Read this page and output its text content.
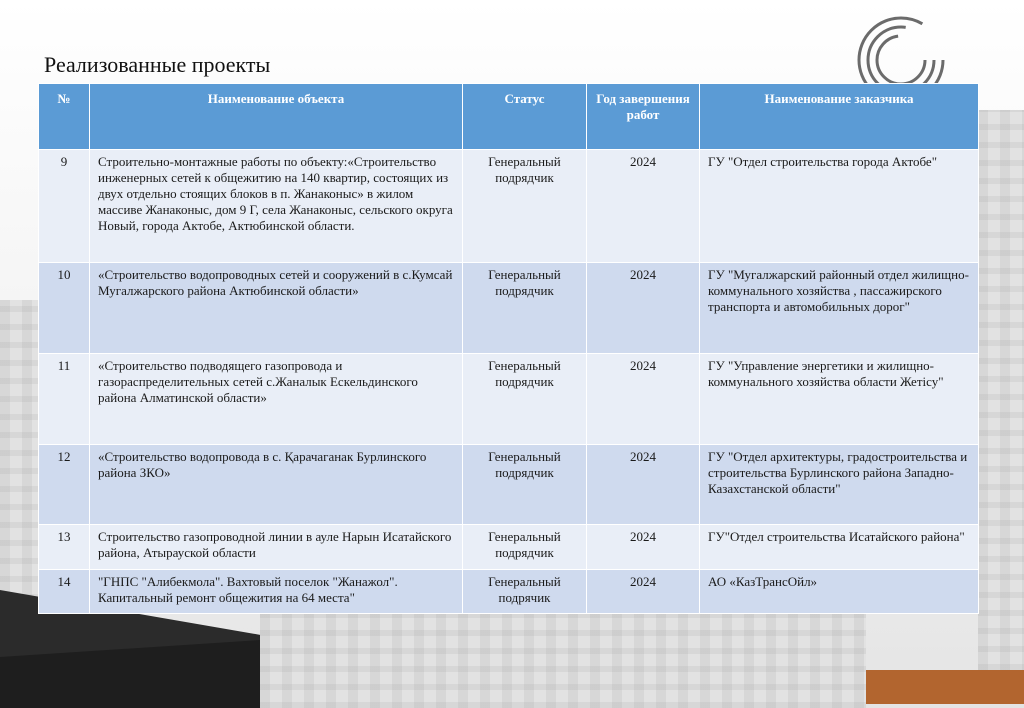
Реализованные проекты
№	Наименование объекта	Статус	Год завершения работ	Наименование заказчика
9	Строительно-монтажные работы по объекту:«Строительство инженерных сетей к общежитию на 140 квартир, состоящих из двух отдельно стоящих блоков в п. Жанаконыс» в жилом массиве Жанаконыс, дом 9 Г, села Жанаконыс, сельского округа Новый, города Актобе, Актюбинской области.	Генеральный подрядчик	2024	ГУ "Отдел строительства города Актобе"
10	«Строительство водопроводных сетей и сооружений в с.Кумсай Мугалжарского района Актюбинской области»	Генеральный подрядчик	2024	ГУ "Мугалжарский районный отдел жилищно-коммунального хозяйства , пассажирского транспорта и автомобильных дорог"
11	«Строительство подводящего газопровода и газораспределительных сетей с.Жаналык Ескельдинского района Алматинской области»	Генеральный подрядчик	2024	ГУ "Управление энергетики и жилищно-коммунального хозяйства области Жетісу"
12	«Строительство водопровода в с. Қарачаганак Бурлинского района ЗКО»	Генеральный подрядчик	2024	ГУ "Отдел архитектуры, градостроительства и строительства Бурлинского района Западно-Казахстанской области"
13	Строительство газопроводной линии в ауле Нарын Исатайского района, Атырауской области	Генеральный подрядчик	2024	ГУ"Отдел строительства Исатайского района"
14	"ГНПС "Алибекмола". Вахтовый поселок "Жанажол". Капитальный ремонт общежития на 64 места"	Генеральный подрячик	2024	АО «КазТрансОйл»
